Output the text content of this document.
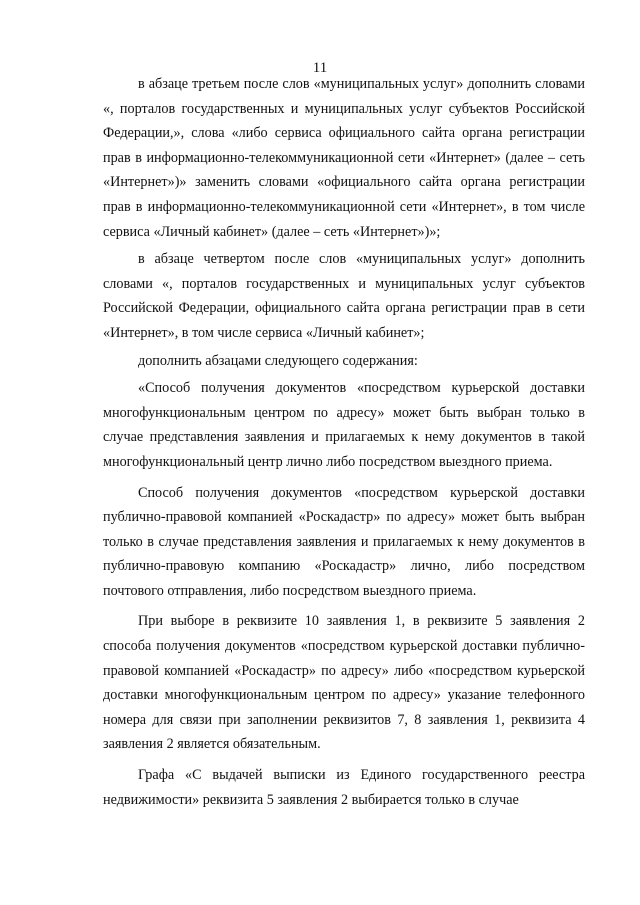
11

в абзаце третьем после слов «муниципальных услуг» дополнить словами «, порталов государственных и муниципальных услуг субъектов Российской Федерации,», слова «либо сервиса официального сайта органа регистрации прав в информационно-телекоммуникационной сети «Интернет» (далее – сеть «Интернет»)» заменить словами «официального сайта органа регистрации прав в информационно-телекоммуникационной сети «Интернет», в том числе сервиса «Личный кабинет» (далее – сеть «Интернет»)»;

в абзаце четвертом после слов «муниципальных услуг» дополнить словами «, порталов государственных и муниципальных услуг субъектов Российской Федерации, официального сайта органа регистрации прав в сети «Интернет», в том числе сервиса «Личный кабинет»;

дополнить абзацами следующего содержания:

«Способ получения документов «посредством курьерской доставки многофункциональным центром по адресу» может быть выбран только в случае представления заявления и прилагаемых к нему документов в такой многофункциональный центр лично либо посредством выездного приема.

Способ получения документов «посредством курьерской доставки публично-правовой компанией «Роскадастр» по адресу» может быть выбран только в случае представления заявления и прилагаемых к нему документов в публично-правовую компанию «Роскадастр» лично, либо посредством почтового отправления, либо посредством выездного приема.

При выборе в реквизите 10 заявления 1, в реквизите 5 заявления 2 способа получения документов «посредством курьерской доставки публично-правовой компанией «Роскадастр» по адресу» либо «посредством курьерской доставки многофункциональным центром по адресу» указание телефонного номера для связи при заполнении реквизитов 7, 8 заявления 1, реквизита 4 заявления 2 является обязательным.

Графа «С выдачей выписки из Единого государственного реестра недвижимости» реквизита 5 заявления 2 выбирается только в случае
